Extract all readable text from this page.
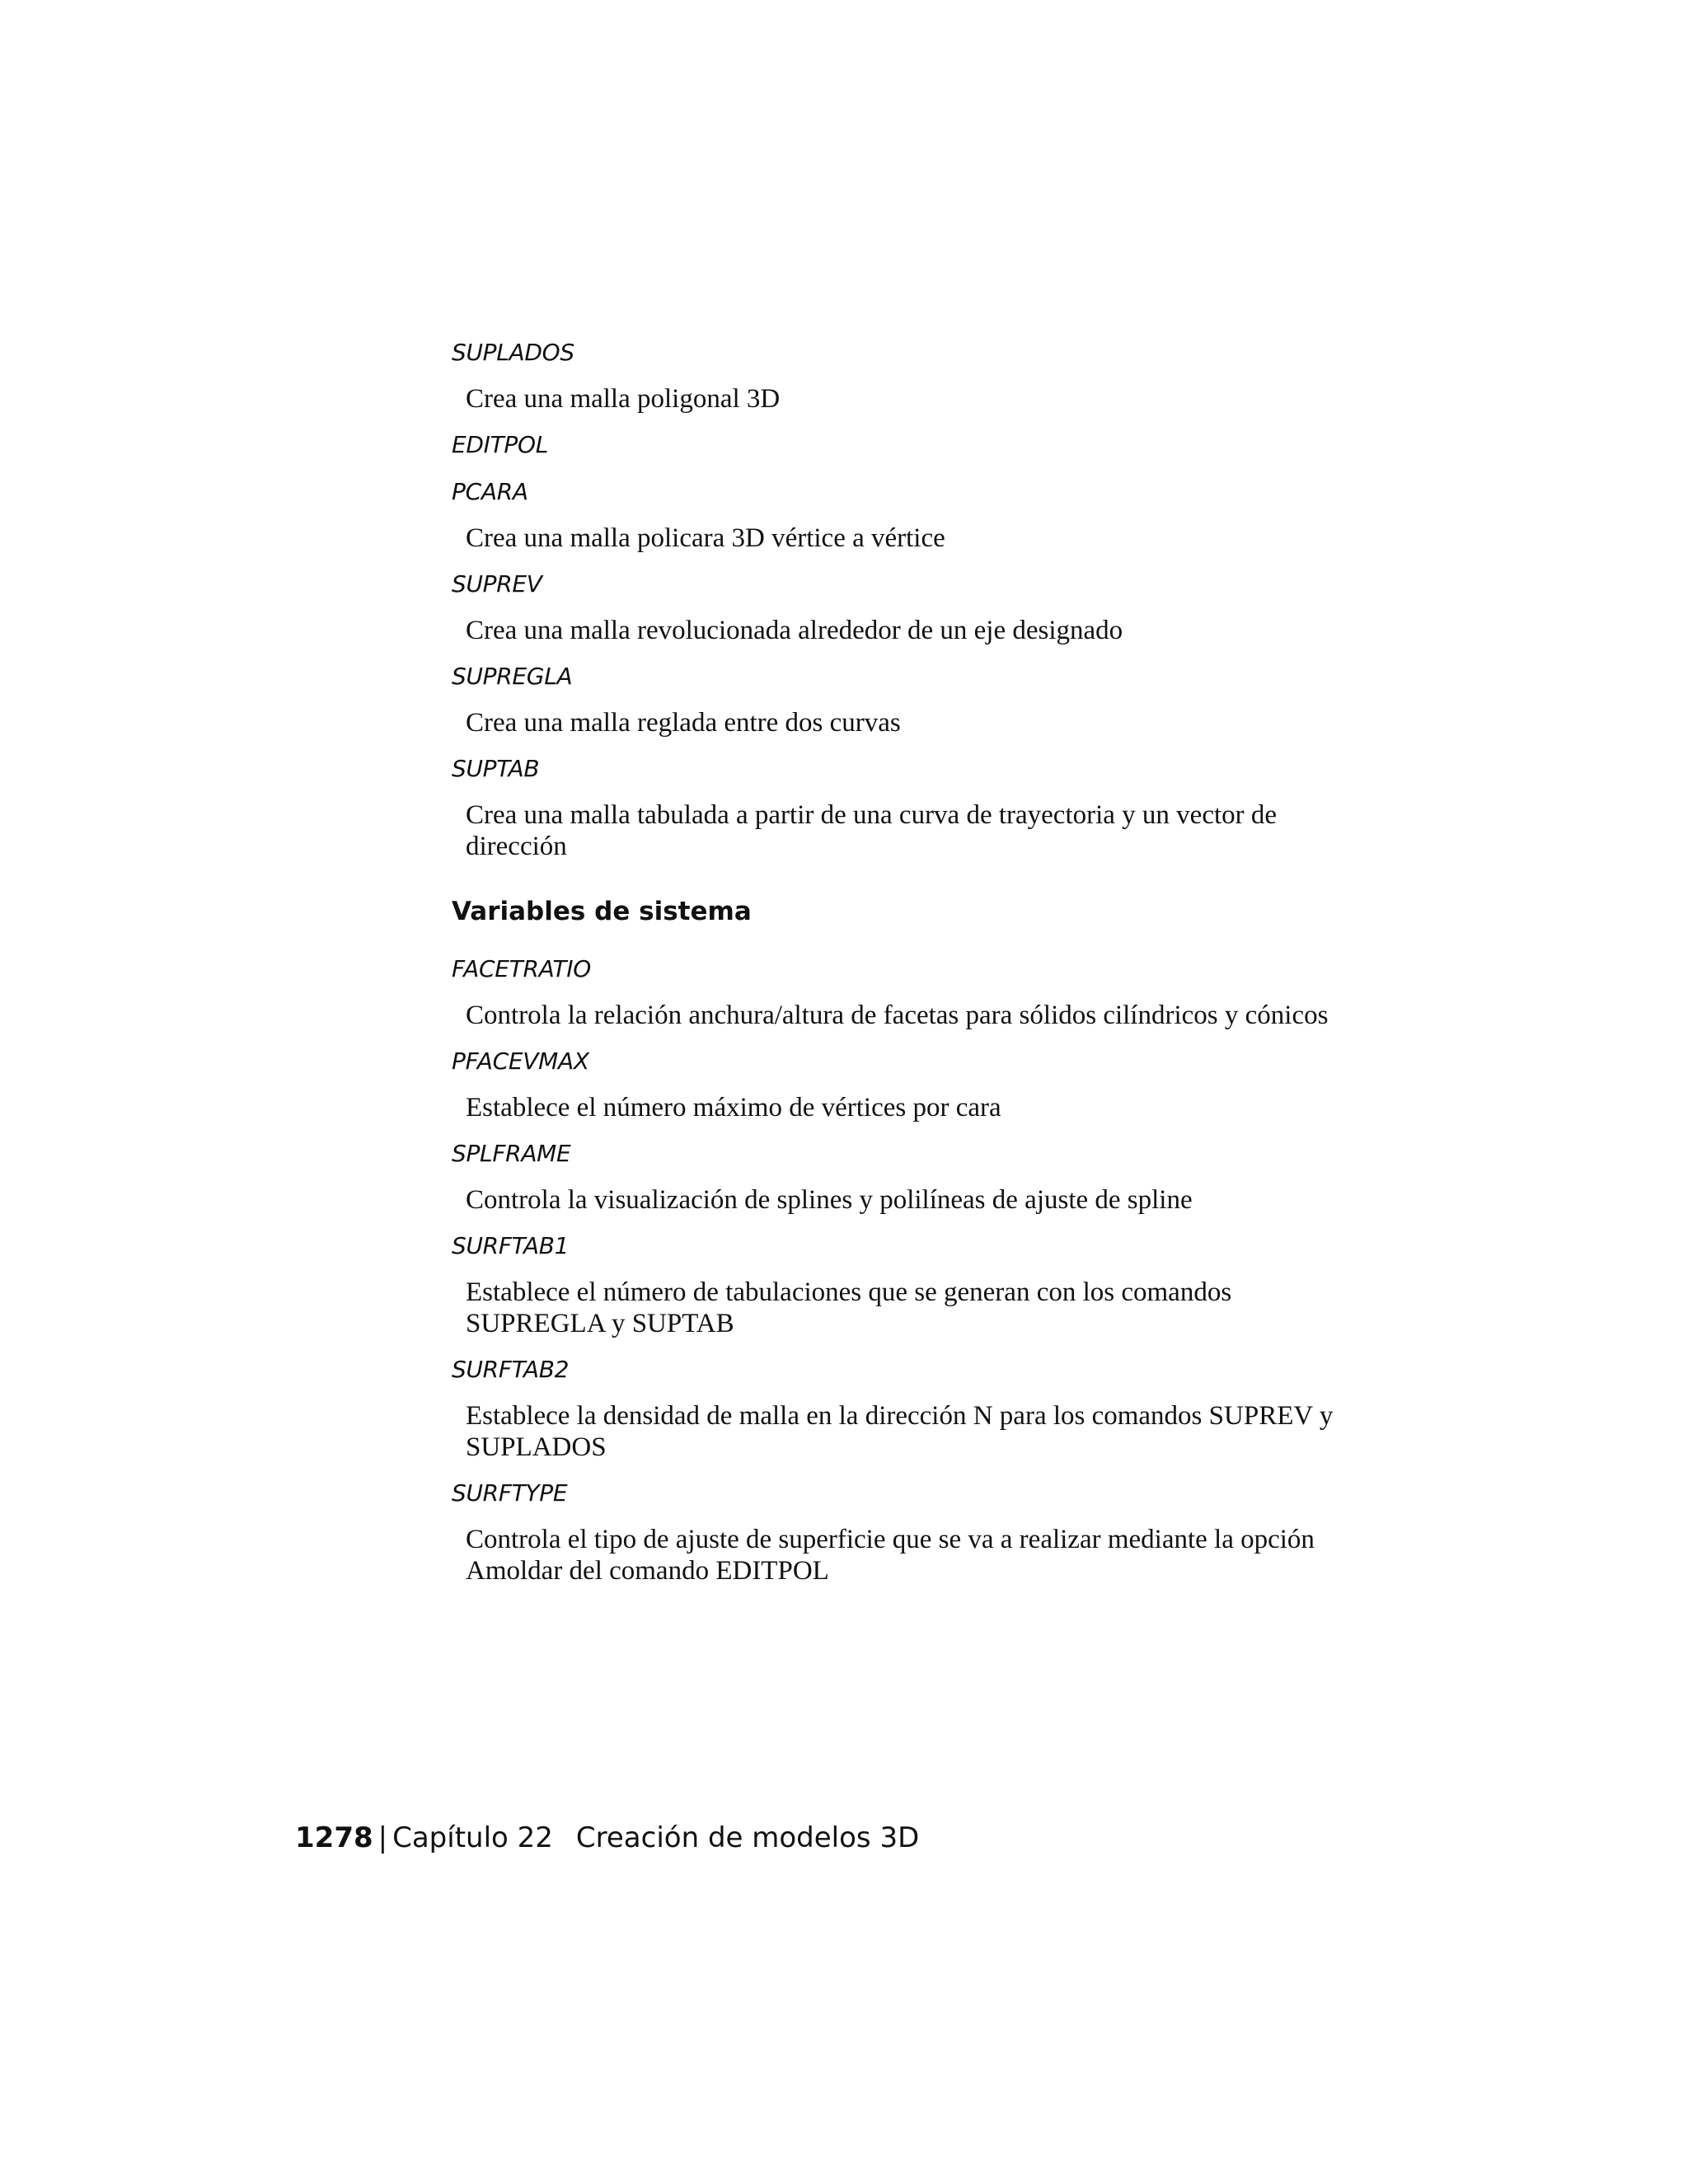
SUPLADOS

Crea una malla poligonal 3D

EDITPOL

PCARA

Crea una malla policara 3D vértice a vértice

SUPREV

Crea una malla revolucionada alrededor de un eje designado

SUPREGLA

Crea una malla reglada entre dos curvas

SUPTAB

Crea una malla tabulada a partir de una curva de trayectoria y un vector de dirección

Variables de sistema

FACETRATIO

Controla la relación anchura/altura de facetas para sólidos cilíndricos y cónicos

PFACEVMAX

Establece el número máximo de vértices por cara

SPLFRAME

Controla la visualización de splines y polilíneas de ajuste de spline

SURFTAB1

Establece el número de tabulaciones que se generan con los comandos SUPREGLA y SUPTAB

SURFTAB2

Establece la densidad de malla en la dirección N para los comandos SUPREV y SUPLADOS

SURFTYPE

Controla el tipo de ajuste de superficie que se va a realizar mediante la opción Amoldar del comando EDITPOL

1278 | Capítulo 22 Creación de modelos 3D
